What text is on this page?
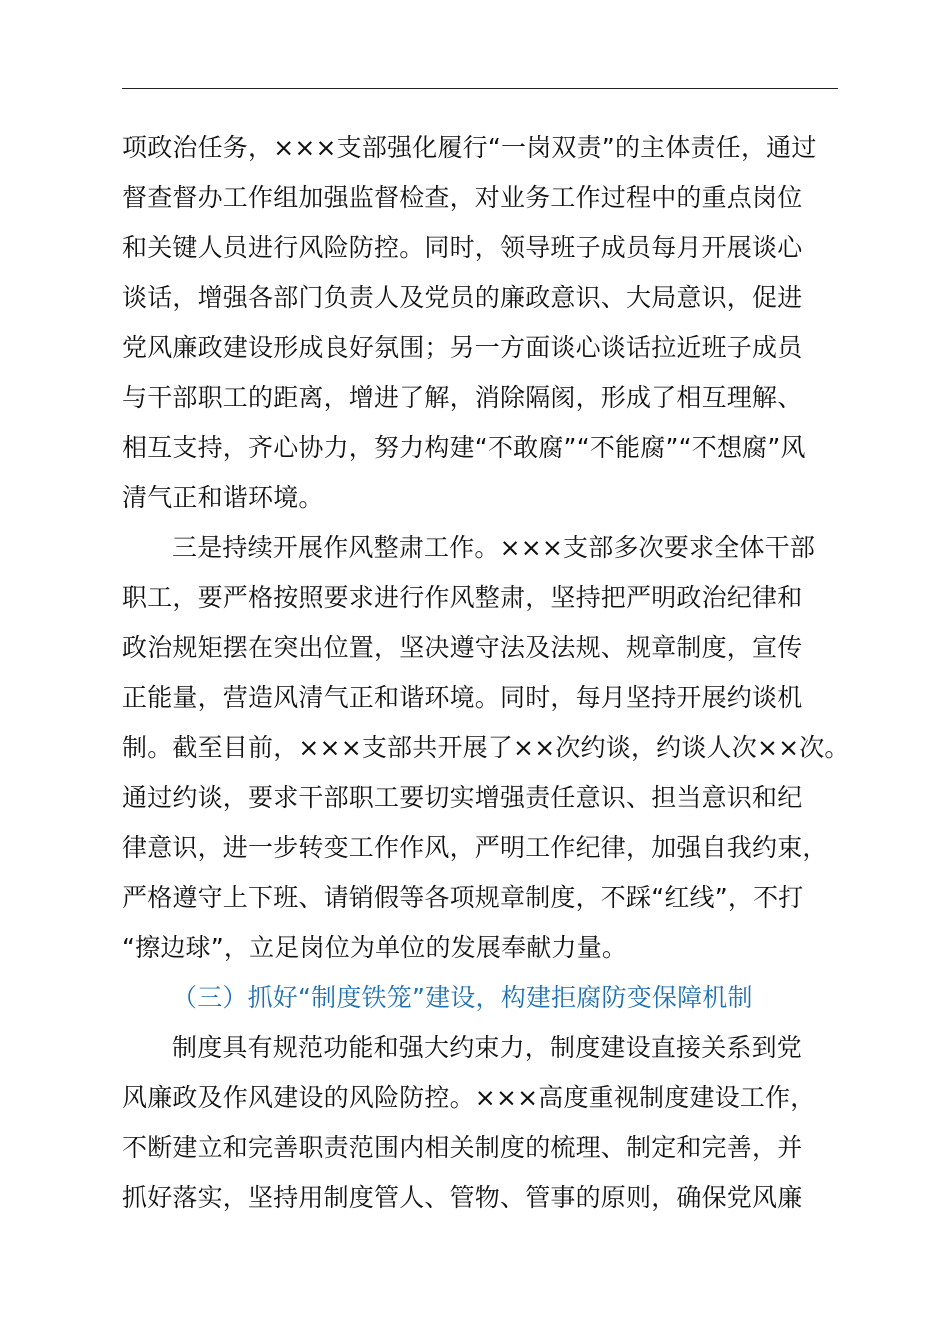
项政治任务，×××支部强化履行“一岗双责”的主体责任，通过
督查督办工作组加强监督检查，对业务工作过程中的重点岗位
和关键人员进行风险防控。同时，领导班子成员每月开展谈心
谈话，增强各部门负责人及党员的廉政意识、大局意识，促进
党风廉政建设形成良好氛围；另一方面谈心谈话拉近班子成员
与干部职工的距离，增进了解，消除隔阂，形成了相互理解、
相互支持，齐心协力，努力构建“不敢腐”“不能腐”“不想腐”风
清气正和谐环境。
三是持续开展作风整肃工作。×××支部多次要求全体干部
职工，要严格按照要求进行作风整肃，坚持把严明政治纪律和
政治规矩摆在突出位置，坚决遵守法及法规、规章制度，宣传
正能量，营造风清气正和谐环境。同时，每月坚持开展约谈机
制。截至目前，×××支部共开展了××次约谈，约谈人次××次。
通过约谈，要求干部职工要切实增强责任意识、担当意识和纪
律意识，进一步转变工作作风，严明工作纪律，加强自我约束，
严格遵守上下班、请销假等各项规章制度，不踩“红线”，不打
“擦边球”，立足岗位为单位的发展奉献力量。
（三）抓好“制度铁笼”建设，构建拒腐防变保障机制
制度具有规范功能和强大约束力，制度建设直接关系到党
风廉政及作风建设的风险防控。×××高度重视制度建设工作，
不断建立和完善职责范围内相关制度的梳理、制定和完善，并
抓好落实，坚持用制度管人、管物、管事的原则，确保党风廉
